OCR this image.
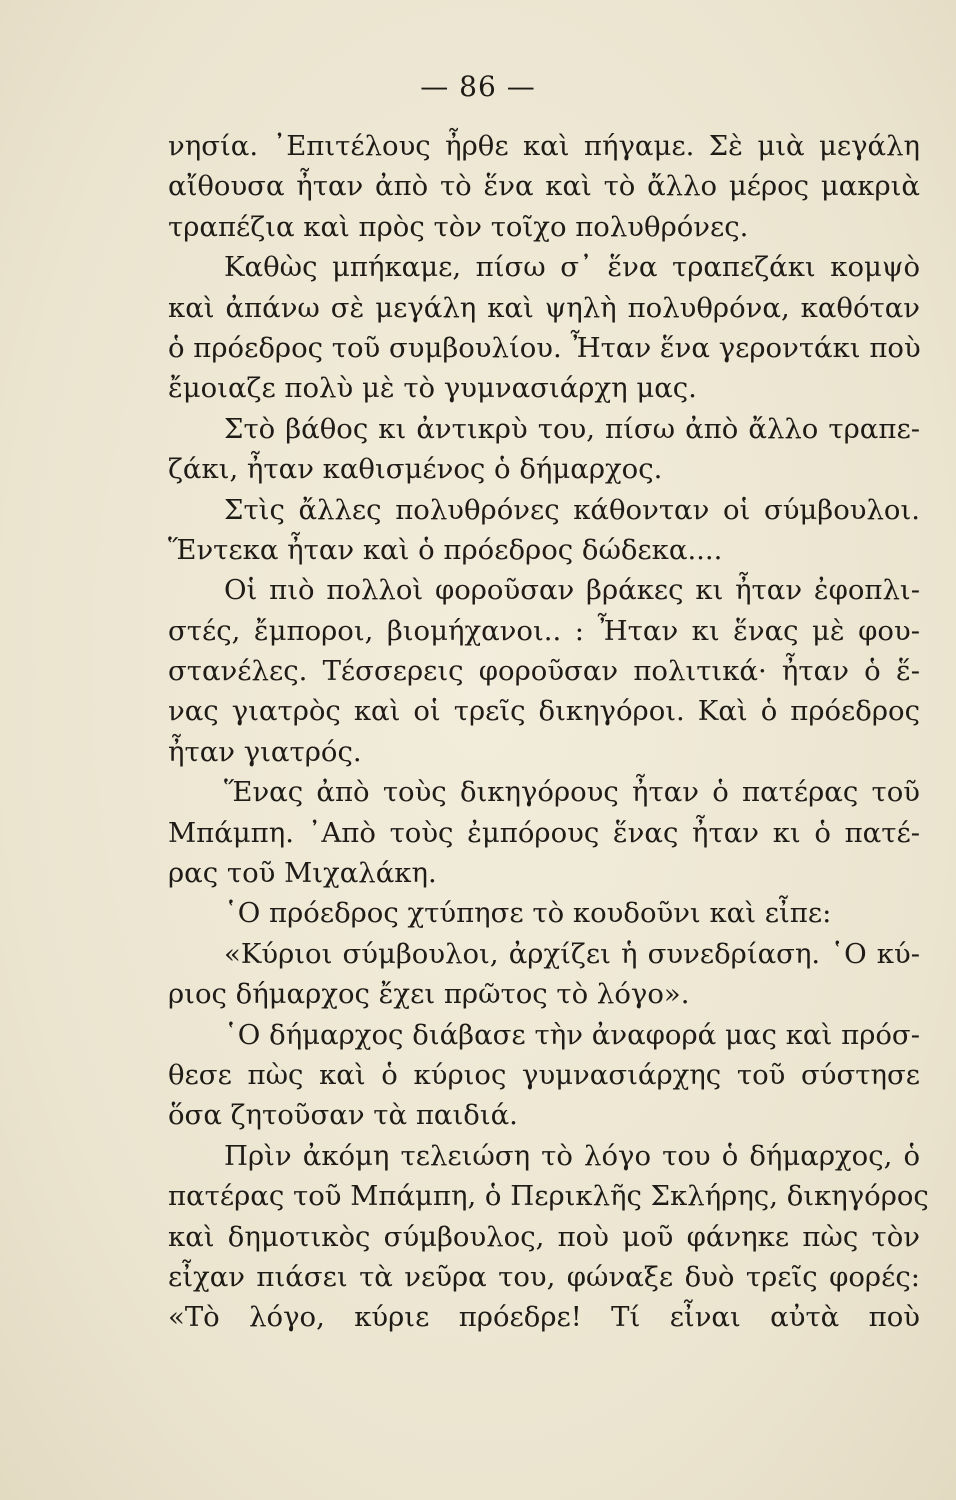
— 86 —
νησία. ᾿Επιτέλους ἦρθε καὶ πήγαμε. Σὲ μιὰ μεγάλη
αἴθουσα ἦταν ἀπὸ τὸ ἕνα καὶ τὸ ἄλλο μέρος μακριὰ
τραπέζια καὶ πρὸς τὸν τοῖχο πολυθρόνες.
Καθὼς μπήκαμε, πίσω σ᾿ ἕνα τραπεζάκι κομψὸ
καὶ ἀπάνω σὲ μεγάλη καὶ ψηλὴ πολυθρόνα, καθόταν
ὁ πρόεδρος τοῦ συμβουλίου. Ἦταν ἕνα γεροντάκι ποὺ
ἔμοιαζε πολὺ μὲ τὸ γυμνασιάρχη μας.
Στὸ βάθος κι ἀντικρὺ του, πίσω ἀπὸ ἄλλο τραπε-
ζάκι, ἦταν καθισμένος ὁ δήμαρχος.
Στὶς ἄλλες πολυθρόνες κάθονταν οἱ σύμβουλοι.
Ἕντεκα ἦταν καὶ ὁ πρόεδρος δώδεκα....
Οἱ πιὸ πολλοὶ φοροῦσαν βράκες κι ἦταν ἐφοπλι-
στές, ἔμποροι, βιομήχανοι.. : Ἦταν κι ἕνας μὲ φου-
στανέλες. Τέσσερεις φοροῦσαν πολιτικά· ἦταν ὁ ἕ-
νας γιατρὸς καὶ οἱ τρεῖς δικηγόροι. Καὶ ὁ πρόεδρος
ἦταν γιατρός.
Ἕνας ἀπὸ τοὺς δικηγόρους ἦταν ὁ πατέρας τοῦ
Μπάμπη. ᾿Απὸ τοὺς ἐμπόρους ἕνας ἦταν κι ὁ πατέ-
ρας τοῦ Μιχαλάκη.
῾Ο πρόεδρος χτύπησε τὸ κουδοῦνι καὶ εἶπε:
«Κύριοι σύμβουλοι, ἀρχίζει ἡ συνεδρίαση. ῾Ο κύ-
ριος δήμαρχος ἔχει πρῶτος τὸ λόγο».
῾Ο δήμαρχος διάβασε τὴν ἀναφορά μας καὶ πρόσ-
θεσε πὼς καὶ ὁ κύριος γυμνασιάρχης τοῦ σύστησε
ὅσα ζητοῦσαν τὰ παιδιά.
Πρὶν ἀκόμη τελειώση τὸ λόγο του ὁ δήμαρχος, ὁ
πατέρας τοῦ Μπάμπη, ὁ Περικλῆς Σκλήρης, δικηγόρος
καὶ δημοτικὸς σύμβουλος, ποὺ μοῦ φάνηκε πὼς τὸν
εἶχαν πιάσει τὰ νεῦρα του, φώναξε δυὸ τρεῖς φορές:
«Τὸ λόγο, κύριε πρόεδρε! Τί εἶναι αὐτὰ ποὺ
